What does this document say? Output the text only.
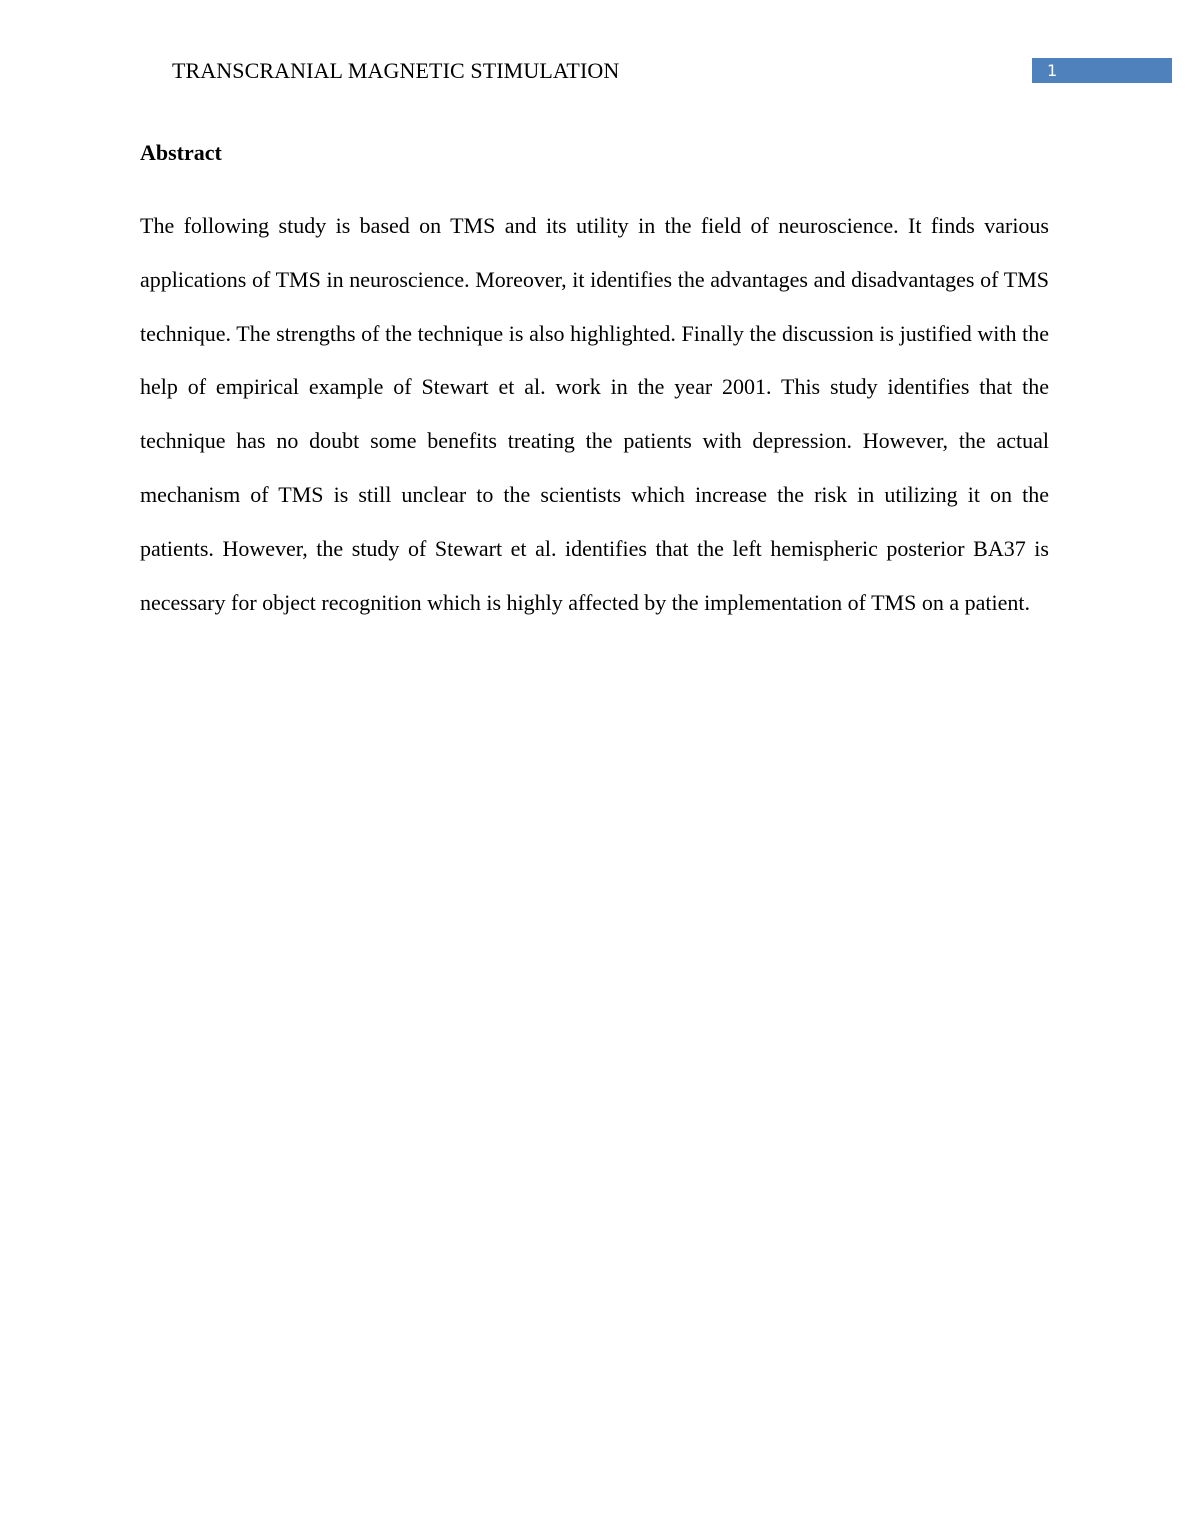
TRANSCRANIAL MAGNETIC STIMULATION	1
Abstract

The following study is based on TMS and its utility in the field of neuroscience. It finds various applications of TMS in neuroscience. Moreover, it identifies the advantages and disadvantages of TMS technique. The strengths of the technique is also highlighted. Finally the discussion is justified with the help of empirical example of Stewart et al. work in the year 2001. This study identifies that the technique has no doubt some benefits treating the patients with depression. However, the actual mechanism of TMS is still unclear to the scientists which increase the risk in utilizing it on the patients. However, the study of Stewart et al. identifies that the left hemispheric posterior BA37 is necessary for object recognition which is highly affected by the implementation of TMS on a patient.
